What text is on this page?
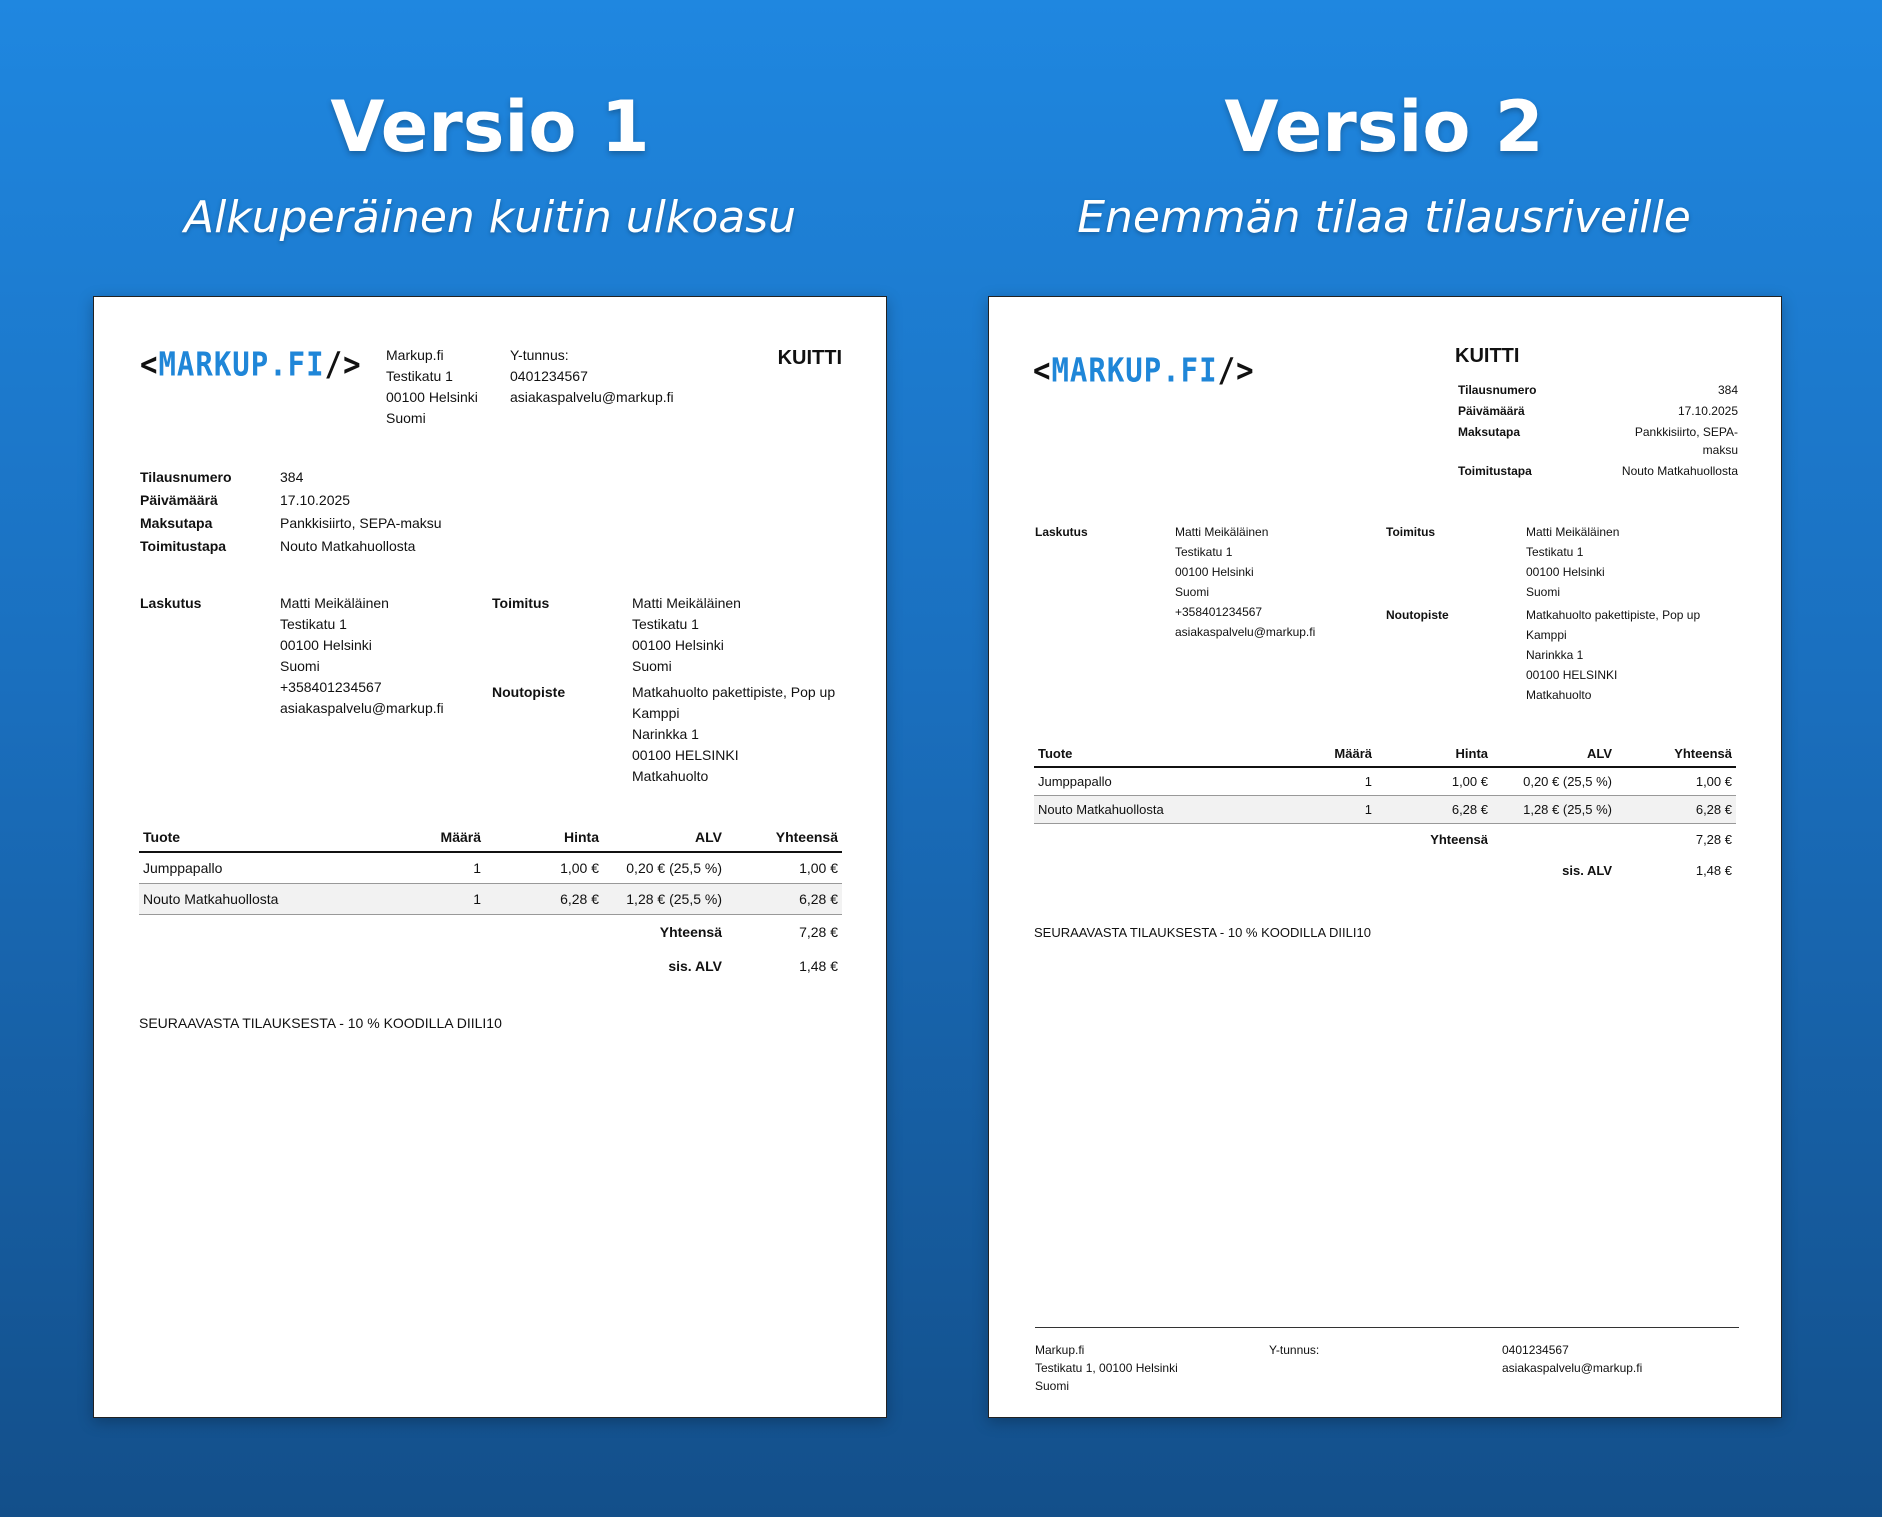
Versio 1
Alkuperäinen kuitin ulkoasu
Versio 2
Enemmän tilaa tilausriveille
<MARKUP.FI/> Markup.fi
Testikatu 1
00100 Helsinki
Suomi
Y-tunnus:
0401234567
asiakaspalvelu@markup.fi
KUITTI
Tilausnumero	384
Päivämäärä	17.10.2025
Maksutapa	Pankkisiirto, SEPA-maksu
Toimitustapa	Nouto Matkahuollosta
Laskutus	Matti Meikäläinen
Testikatu 1
00100 Helsinki
Suomi
+358401234567
asiakaspalvelu@markup.fi
Toimitus	Matti Meikäläinen
Testikatu 1
00100 Helsinki
Suomi
Noutopiste	Matkahuolto pakettipiste, Pop up
Kamppi
Narinkka 1
00100 HELSINKI
Matkahuolto
Tuote	Määrä	Hinta	ALV	Yhteensä
Jumppapallo	1	1,00 €	0,20 € (25,5 %)	1,00 €
Nouto Matkahuollosta	1	6,28 €	1,28 € (25,5 %)	6,28 €
			Yhteensä	7,28 €
			sis. ALV	1,48 €
SEURAAVASTA TILAUKSESTA - 10 % KOODILLA DIILI10
<MARKUP.FI/>	KUITTI
Tilausnumero	384
Päivämäärä	17.10.2025
Maksutapa	Pankkisiirto, SEPA-
maksu
Toimitustapa	Nouto Matkahuollosta
Laskutus	Matti Meikäläinen
Testikatu 1
00100 Helsinki
Suomi
+358401234567
asiakaspalvelu@markup.fi
Toimitus	Matti Meikäläinen
Testikatu 1
00100 Helsinki
Suomi
Noutopiste	Matkahuolto pakettipiste, Pop up
Kamppi
Narinkka 1
00100 HELSINKI
Matkahuolto
Tuote	Määrä	Hinta	ALV	Yhteensä
Jumppapallo	1	1,00 €	0,20 € (25,5 %)	1,00 €
Nouto Matkahuollosta	1	6,28 €	1,28 € (25,5 %)	6,28 €
		Yhteensä		7,28 €
			sis. ALV	1,48 €
SEURAAVASTA TILAUKSESTA - 10 % KOODILLA DIILI10
Markup.fi
Testikatu 1, 00100 Helsinki
Suomi
Y-tunnus:	0401234567
asiakaspalvelu@markup.fi
